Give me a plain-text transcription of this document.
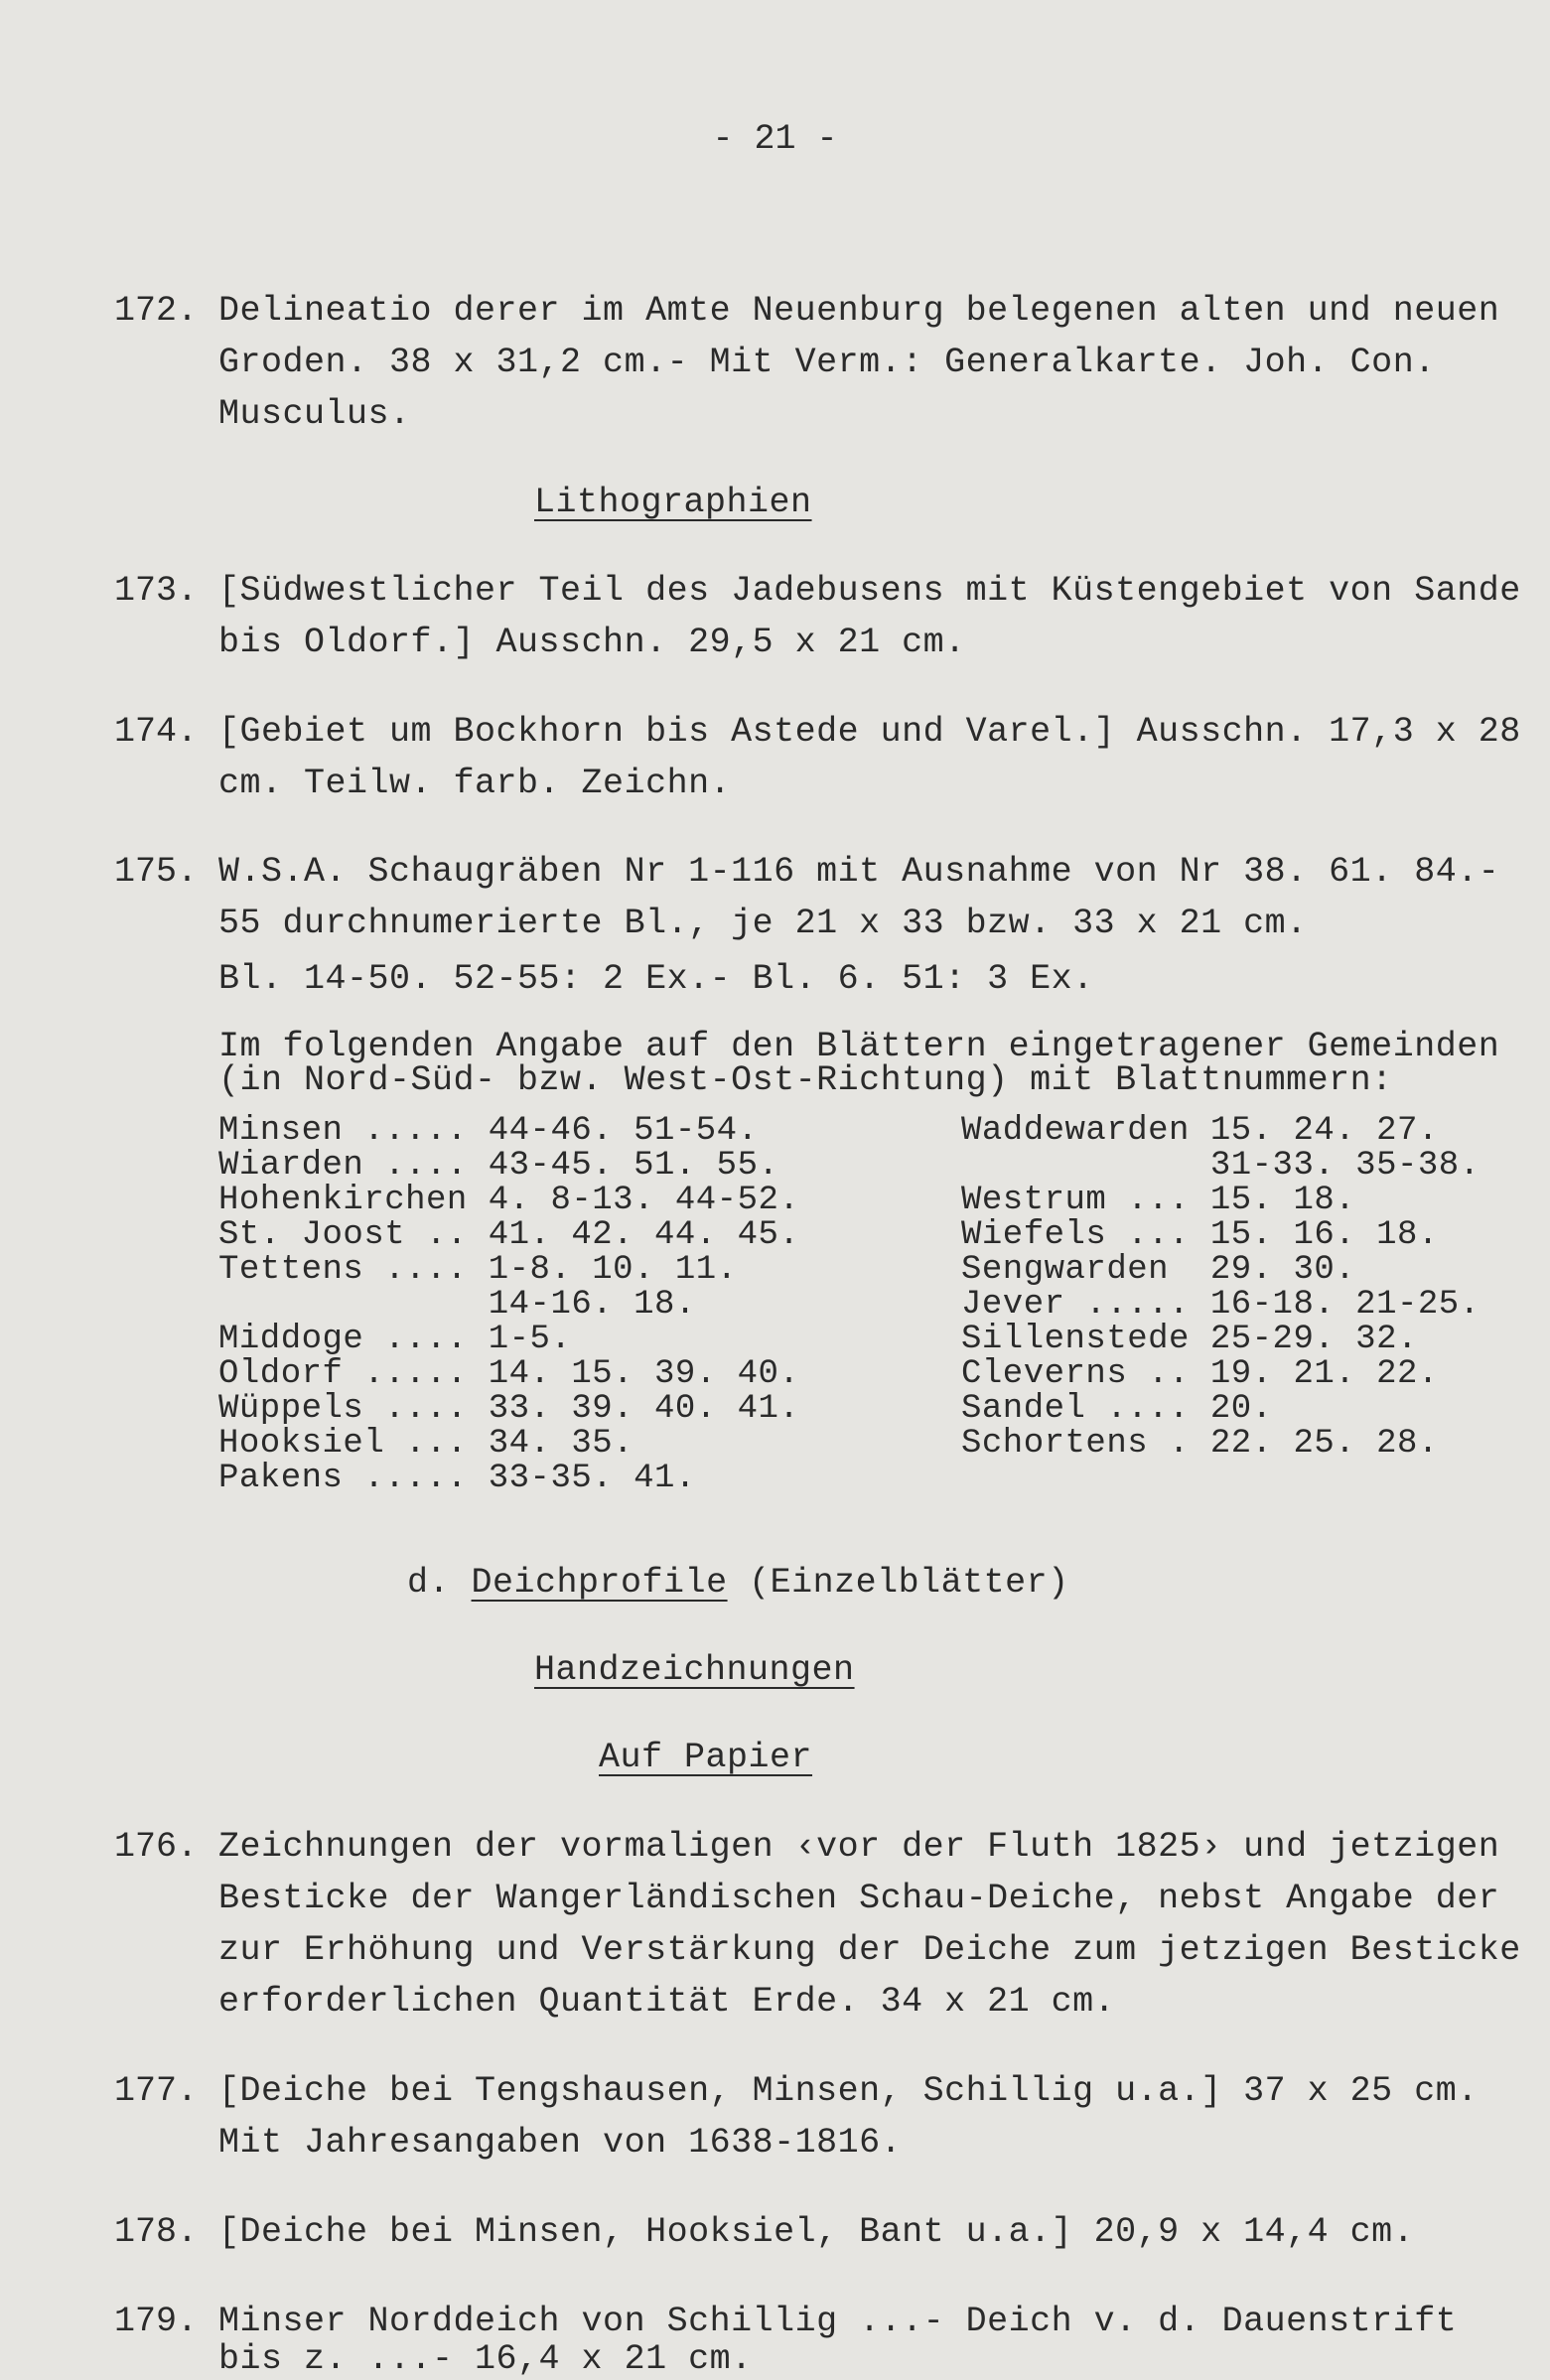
- 21 -
172. Delineatio derer im Amte Neuenburg belegenen alten und neuen
Groden. 38 x 31,2 cm.- Mit Verm.: Generalkarte. Joh. Con.
Musculus.
Lithographien
173. [Südwestlicher Teil des Jadebusens mit Küstengebiet von Sande
bis Oldorf.] Ausschn. 29,5 x 21 cm.
174. [Gebiet um Bockhorn bis Astede und Varel.] Ausschn. 17,3 x 28
cm. Teilw. farb. Zeichn.
175. W.S.A. Schaugräben Nr 1-116 mit Ausnahme von Nr 38. 61. 84.-
55 durchnumerierte Bl., je 21 x 33 bzw. 33 x 21 cm.
Bl. 14-50. 52-55: 2 Ex.- Bl. 6. 51: 3 Ex.
Im folgenden Angabe auf den Blättern eingetragener Gemeinden
(in Nord-Süd- bzw. West-Ost-Richtung) mit Blattnummern:
Minsen ..... 44-46. 51-54.
Wiarden .... 43-45. 51. 55.
Hohenkirchen 4. 8-13. 44-52.
St. Joost .. 41. 42. 44. 45.
Tettens .... 1-8. 10. 11.
14-16. 18.
Middoge .... 1-5.
Oldorf ..... 14. 15. 39. 40.
Wüppels .... 33. 39. 40. 41.
Hooksiel ... 34. 35.
Pakens ..... 33-35. 41.
Waddewarden 15. 24. 27.
31-33. 35-38.
Westrum ... 15. 18.
Wiefels ... 15. 16. 18.
Sengwarden  29. 30.
Jever ..... 16-18. 21-25.
Sillenstede 25-29. 32.
Cleverns .. 19. 21. 22.
Sandel .... 20.
Schortens . 22. 25. 28.
d. Deichprofile (Einzelblätter)
Handzeichnungen
Auf Papier
176. Zeichnungen der vormaligen ‹vor der Fluth 1825› und jetzigen
Besticke der Wangerländischen Schau-Deiche, nebst Angabe der
zur Erhöhung und Verstärkung der Deiche zum jetzigen Besticke
erforderlichen Quantität Erde. 34 x 21 cm.
177. [Deiche bei Tengshausen, Minsen, Schillig u.a.] 37 x 25 cm.
Mit Jahresangaben von 1638-1816.
178. [Deiche bei Minsen, Hooksiel, Bant u.a.] 20,9 x 14,4 cm.
179. Minser Norddeich von Schillig ...- Deich v. d. Dauenstrift
bis z. ...- 16,4 x 21 cm.
